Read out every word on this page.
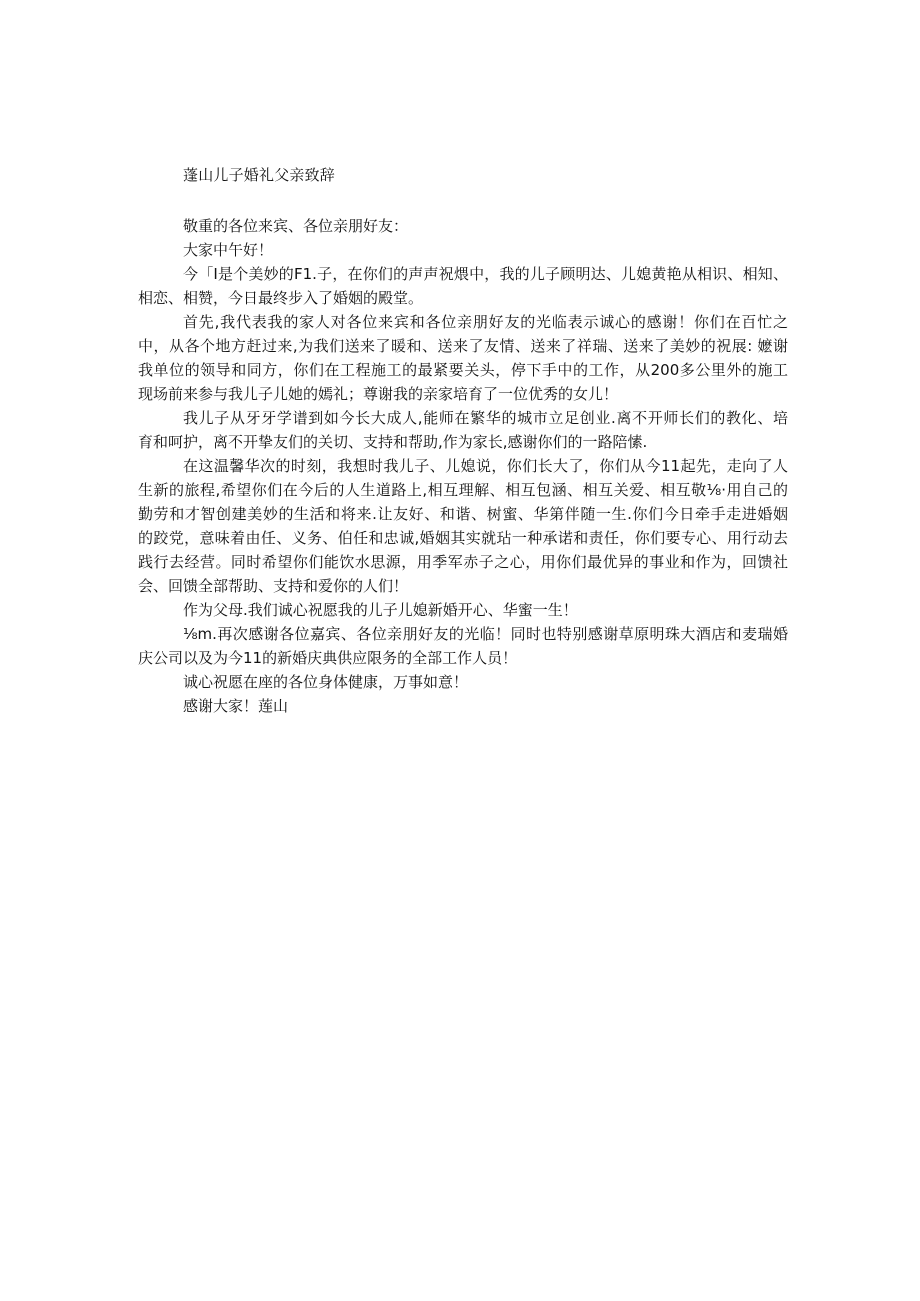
蓬山儿子婚礼父亲致辞

敬重的各位来宾、各位亲朋好友：

大家中午好！

今「I是个美妙的F1.子，在你们的声声祝煨中，我的儿子顾明达、儿媳黄艳从相识、相知、

相恋、相赞，今日最终步入了婚姻的殿堂。

首先,我代表我的家人对各位来宾和各位亲朋好友的光临表示诚心的感谢！你们在百忙之

中，从各个地方赶过来,为我们送来了暖和、送来了友情、送来了祥瑞、送来了美妙的祝展: 嬷谢

我单位的领导和同方，你们在工程施工的最紧要关头，停下手中的工作，从200多公里外的施工

现场前来参与我儿子儿她的嫣礼；尊谢我的亲家培育了一位优秀的女儿！

我儿子从牙牙学谱到如今长大成人,能师在繁华的城市立足创业.离不开师长们的教化、培

育和呵护，离不开挚友们的关切、支持和帮助,作为家长,感谢你们的一路陪愫.

在这温馨华次的时刻，我想时我儿子、儿媳说，你们长大了，你们从今11起先，走向了人

生新的旅程,希望你们在今后的人生道路上,相互理解、相互包涵、相互关爱、相互敬⅛·用自己的

勤劳和才智创建美妙的生活和将来.让友好、和谐、树蜜、华第伴随一生.你们今日牵手走进婚姻

的跤党，意味着由任、义务、伯任和忠诚,婚姻其实就玷一种承诺和责任，你们要专心、用行动去

践行去经营。同时希望你们能饮水思源，用季军赤子之心，用你们最优异的事业和作为，回馈社

会、回馈全部帮助、支持和爱你的人们！

作为父母.我们诚心祝愿我的儿子儿媳新婚开心、华蜜一生！

⅛m.再次感谢各位嘉宾、各位亲朋好友的光临！同时也特别感谢草原明珠大酒店和麦瑞婚

庆公司以及为今11的新婚庆典供应限务的全部工作人员！

诚心祝愿在座的各位身体健康，万事如意！

感谢大家！莲山
